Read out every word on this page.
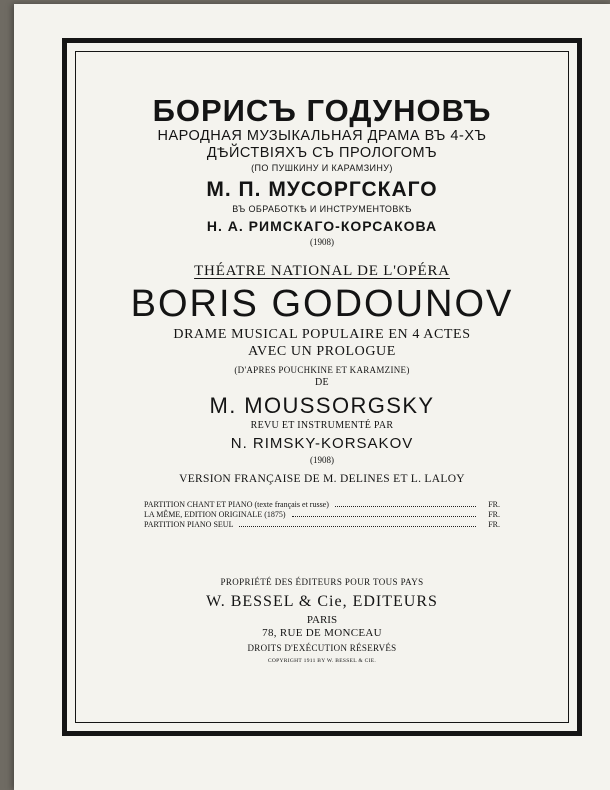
БОРИСЪ ГОДУНОВЪ
НАРОДНАЯ МУЗЫКАЛЬНАЯ ДРАМА ВЪ 4-ХЪ
ДѢЙСТВІЯХЪ СЪ ПРОЛОГОМЪ
(ПО ПУШКИНУ И КАРАМЗИНУ)
М. П. МУСОРГСКАГО
ВЪ ОБРАБОТКѢ И ИНСТРУМЕНТОВКѢ
Н. А. РИМСКАГО-КОРСАКОВА
(1908)
THÉATRE NATIONAL DE L'OPÉRA
BORIS GODOUNOV
DRAME MUSICAL POPULAIRE EN 4 ACTES
AVEC UN PROLOGUE
(D'APRES POUCHKINE ET KARAMZINE)
DE
M. MOUSSORGSKY
REVU ET INSTRUMENTÉ PAR
N. RIMSKY-KORSAKOV
(1908)
VERSION FRANÇAISE DE M. DELINES ET L. LALOY
PARTITION CHANT ET PIANO (texte français et russe)	FR.
LA MÊME, EDITION ORIGINALE (1875)	FR.
PARTITION PIANO SEUL	FR.
PROPRIÉTÉ DES ÉDITEURS POUR TOUS PAYS
W. BESSEL & Cie, EDITEURS
PARIS
78, RUE DE MONCEAU
DROITS D'EXÉCUTION RÉSERVÉS
COPYRIGHT 1911 BY W. BESSEL & CIE.
